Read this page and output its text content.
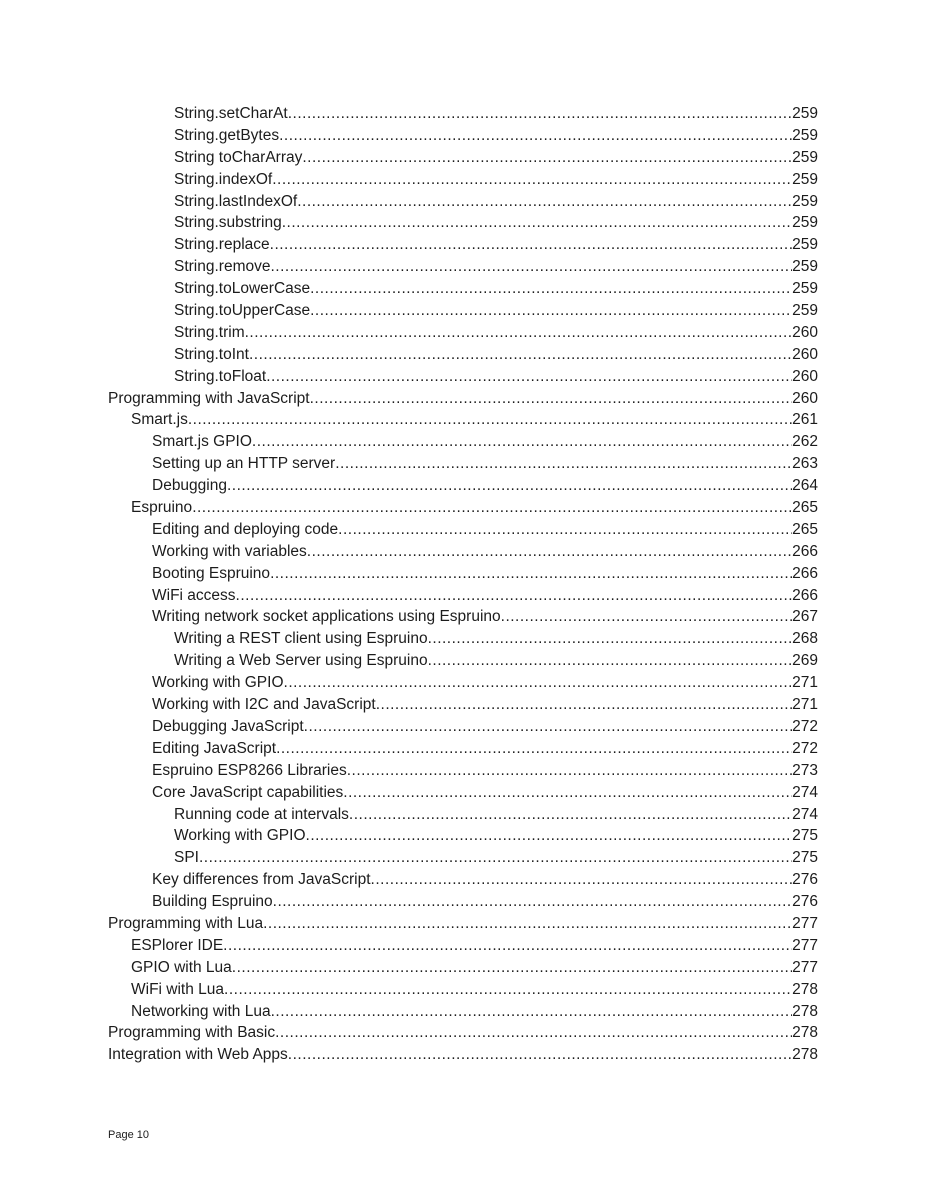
String.setCharAt .....	259
String.getBytes .....	259
String toCharArray .....	259
String.indexOf .....	259
String.lastIndexOf .....	259
String.substring .....	259
String.replace .....	259
String.remove .....	259
String.toLowerCase .....	259
String.toUpperCase .....	259
String.trim .....	260
String.toInt .....	260
String.toFloat .....	260
Programming with JavaScript .....	260
Smart.js .....	261
Smart.js GPIO .....	262
Setting up an HTTP server .....	263
Debugging .....	264
Espruino .....	265
Editing and deploying code .....	265
Working with variables .....	266
Booting Espruino .....	266
WiFi access .....	266
Writing network socket applications using Espruino .....	267
Writing a REST client using Espruino .....	268
Writing a Web Server using Espruino .....	269
Working with GPIO .....	271
Working with I2C and JavaScript .....	271
Debugging JavaScript .....	272
Editing JavaScript .....	272
Espruino ESP8266 Libraries .....	273
Core JavaScript capabilities .....	274
Running code at intervals .....	274
Working with GPIO .....	275
SPI .....	275
Key differences from JavaScript .....	276
Building Espruino .....	276
Programming with Lua .....	277
ESPlorer IDE .....	277
GPIO with Lua .....	277
WiFi with Lua .....	278
Networking with Lua .....	278
Programming with Basic .....	278
Integration with Web Apps .....	278
Page 10
